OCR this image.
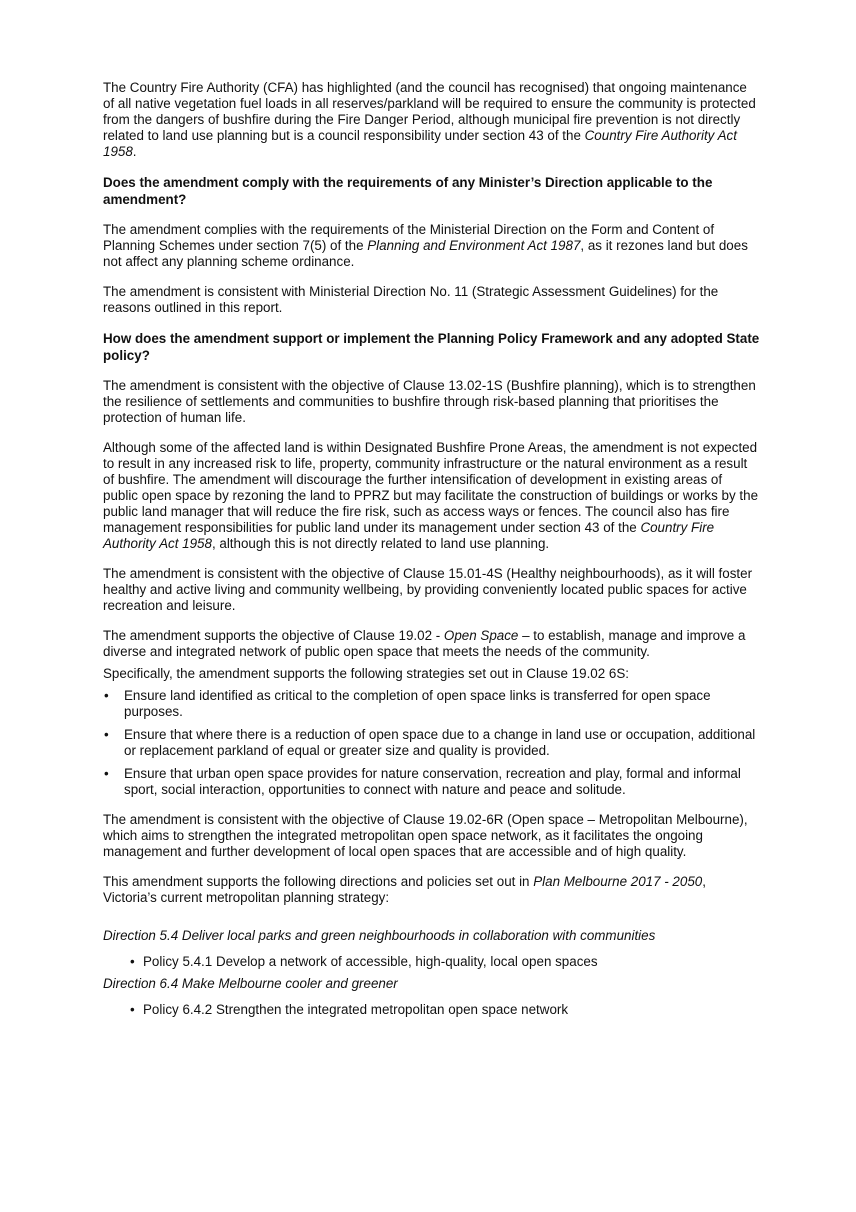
The Country Fire Authority (CFA) has highlighted (and the council has recognised) that ongoing maintenance of all native vegetation fuel loads in all reserves/parkland will be required to ensure the community is protected from the dangers of bushfire during the Fire Danger Period, although municipal fire prevention is not directly related to land use planning but is a council responsibility under section 43 of the Country Fire Authority Act 1958.

Does the amendment comply with the requirements of any Minister’s Direction applicable to the amendment?

The amendment complies with the requirements of the Ministerial Direction on the Form and Content of Planning Schemes under section 7(5) of the Planning and Environment Act 1987, as it rezones land but does not affect any planning scheme ordinance.

The amendment is consistent with Ministerial Direction No. 11 (Strategic Assessment Guidelines) for the reasons outlined in this report.

How does the amendment support or implement the Planning Policy Framework and any adopted State policy?

The amendment is consistent with the objective of Clause 13.02-1S (Bushfire planning), which is to strengthen the resilience of settlements and communities to bushfire through risk-based planning that prioritises the protection of human life.

Although some of the affected land is within Designated Bushfire Prone Areas, the amendment is not expected to result in any increased risk to life, property, community infrastructure or the natural environment as a result of bushfire. The amendment will discourage the further intensification of development in existing areas of public open space by rezoning the land to PPRZ but may facilitate the construction of buildings or works by the public land manager that will reduce the fire risk, such as access ways or fences. The council also has fire management responsibilities for public land under its management under section 43 of the Country Fire Authority Act 1958, although this is not directly related to land use planning.

The amendment is consistent with the objective of Clause 15.01-4S (Healthy neighbourhoods), as it will foster healthy and active living and community wellbeing, by providing conveniently located public spaces for active recreation and leisure.

The amendment supports the objective of Clause 19.02 - Open Space – to establish, manage and improve a diverse and integrated network of public open space that meets the needs of the community.

Specifically, the amendment supports the following strategies set out in Clause 19.02 6S:

• Ensure land identified as critical to the completion of open space links is transferred for open space purposes.
• Ensure that where there is a reduction of open space due to a change in land use or occupation, additional or replacement parkland of equal or greater size and quality is provided.
• Ensure that urban open space provides for nature conservation, recreation and play, formal and informal sport, social interaction, opportunities to connect with nature and peace and solitude.

The amendment is consistent with the objective of Clause 19.02-6R (Open space – Metropolitan Melbourne), which aims to strengthen the integrated metropolitan open space network, as it facilitates the ongoing management and further development of local open spaces that are accessible and of high quality.

This amendment supports the following directions and policies set out in Plan Melbourne 2017 - 2050, Victoria’s current metropolitan planning strategy:

Direction 5.4 Deliver local parks and green neighbourhoods in collaboration with communities
• Policy 5.4.1 Develop a network of accessible, high-quality, local open spaces
Direction 6.4 Make Melbourne cooler and greener
• Policy 6.4.2 Strengthen the integrated metropolitan open space network
